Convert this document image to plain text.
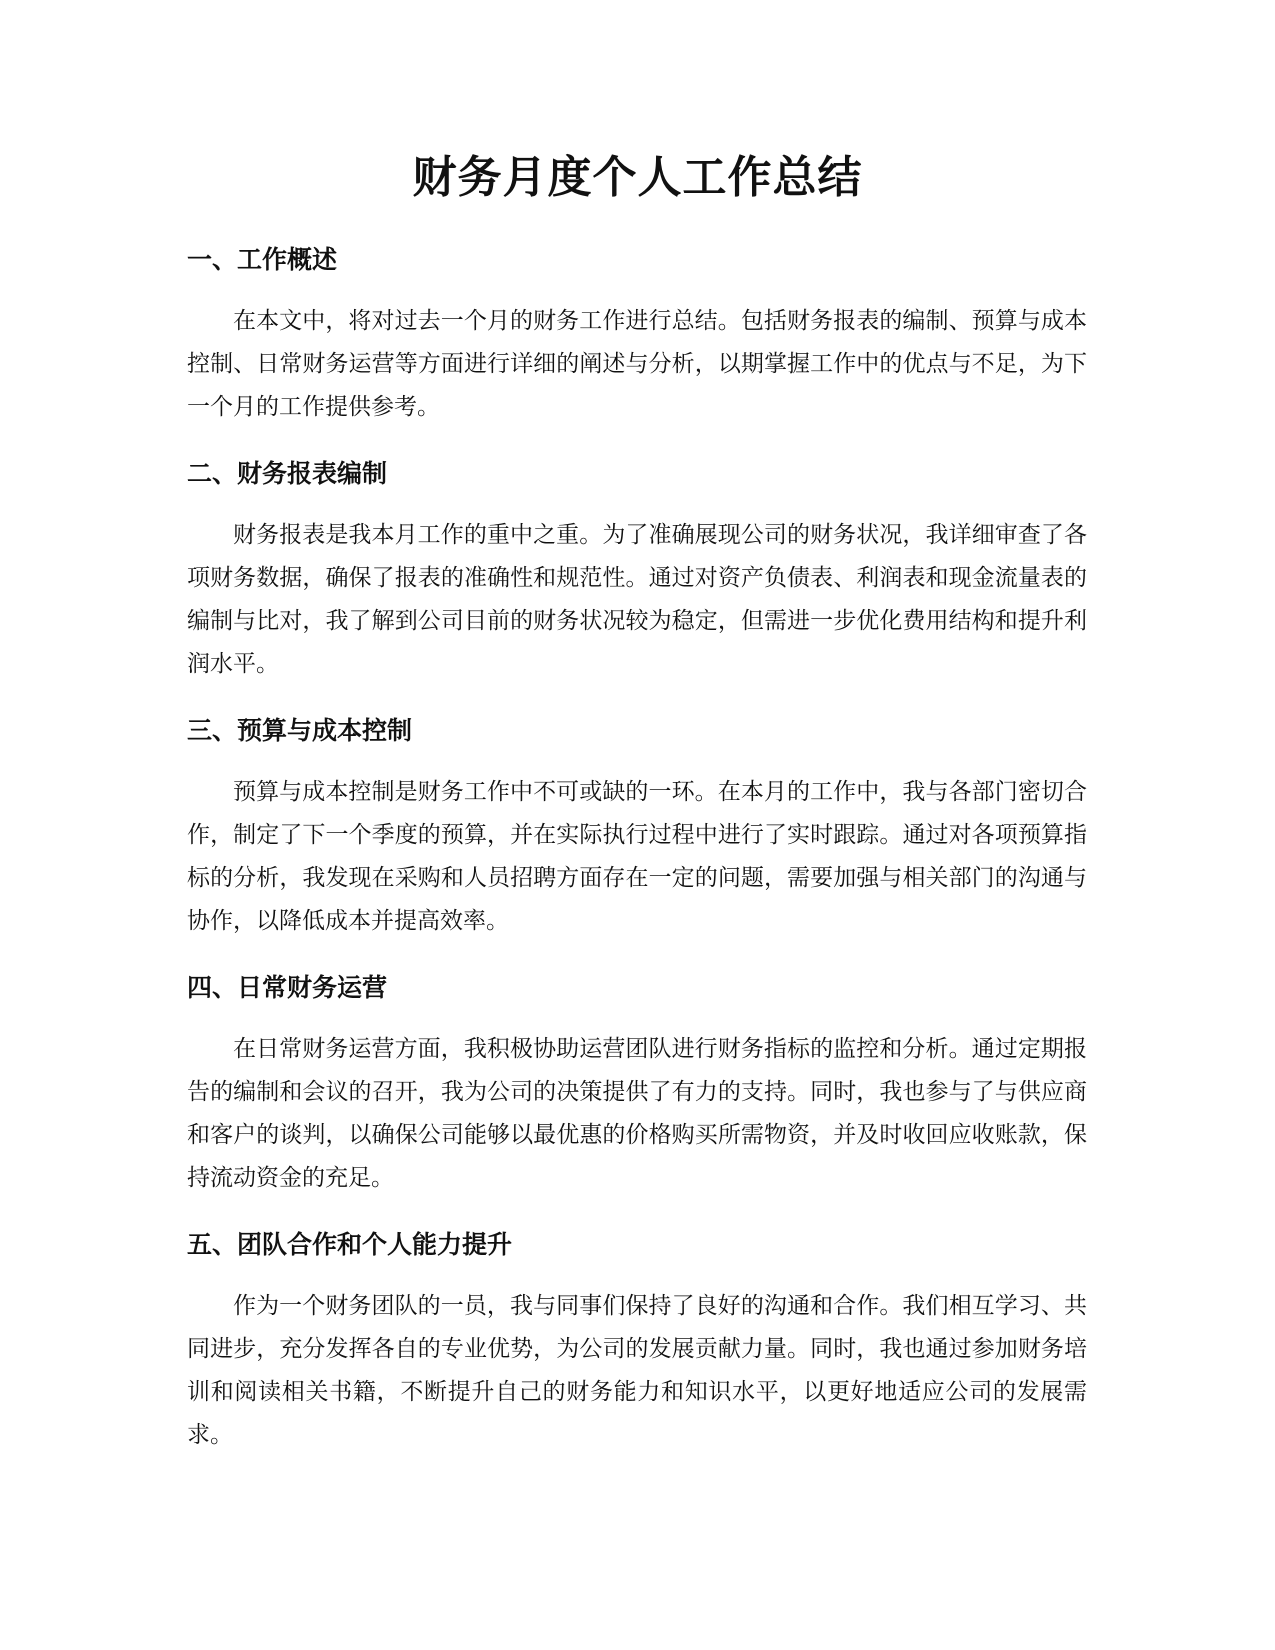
财务月度个人工作总结
一、工作概述

在本文中，将对过去一个月的财务工作进行总结。包括财务报表的编制、预算与成本控制、日常财务运营等方面进行详细的阐述与分析，以期掌握工作中的优点与不足，为下一个月的工作提供参考。

二、财务报表编制

财务报表是我本月工作的重中之重。为了准确展现公司的财务状况，我详细审查了各项财务数据，确保了报表的准确性和规范性。通过对资产负债表、利润表和现金流量表的编制与比对，我了解到公司目前的财务状况较为稳定，但需进一步优化费用结构和提升利润水平。

三、预算与成本控制

预算与成本控制是财务工作中不可或缺的一环。在本月的工作中，我与各部门密切合作，制定了下一个季度的预算，并在实际执行过程中进行了实时跟踪。通过对各项预算指标的分析，我发现在采购和人员招聘方面存在一定的问题，需要加强与相关部门的沟通与协作，以降低成本并提高效率。

四、日常财务运营

在日常财务运营方面，我积极协助运营团队进行财务指标的监控和分析。通过定期报告的编制和会议的召开，我为公司的决策提供了有力的支持。同时，我也参与了与供应商和客户的谈判，以确保公司能够以最优惠的价格购买所需物资，并及时收回应收账款，保持流动资金的充足。

五、团队合作和个人能力提升

作为一个财务团队的一员，我与同事们保持了良好的沟通和合作。我们相互学习、共同进步，充分发挥各自的专业优势，为公司的发展贡献力量。同时，我也通过参加财务培训和阅读相关书籍，不断提升自己的财务能力和知识水平，以更好地适应公司的发展需求。
